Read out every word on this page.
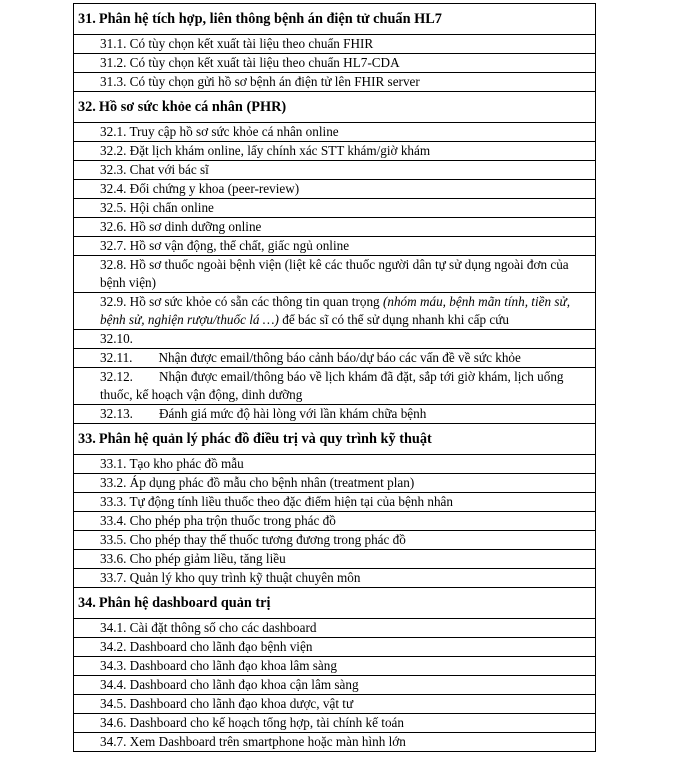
31. Phân hệ tích hợp, liên thông bệnh án điện tử chuẩn HL7
31.1. Có tùy chọn kết xuất tài liệu theo chuẩn FHIR
31.2. Có tùy chọn kết xuất tài liệu theo chuẩn HL7-CDA
31.3. Có tùy chọn gửi hồ sơ bệnh án điện tử lên FHIR server
32. Hồ sơ sức khỏe cá nhân (PHR)
32.1. Truy cập hồ sơ sức khỏe cá nhân online
32.2. Đặt lịch khám online, lấy chính xác STT khám/giờ khám
32.3. Chat với bác sĩ
32.4. Đối chứng y khoa (peer-review)
32.5. Hội chẩn online
32.6. Hồ sơ dinh dưỡng online
32.7. Hồ sơ vận động, thể chất, giấc ngủ online
32.8. Hồ sơ thuốc ngoài bệnh viện (liệt kê các thuốc người dân tự sử dụng ngoài đơn của bệnh viện)
32.9. Hồ sơ sức khỏe có sẵn các thông tin quan trọng (nhóm máu, bệnh mãn tính, tiền sử, bệnh sử, nghiện rượu/thuốc lá …) để bác sĩ có thể sử dụng nhanh khi cấp cứu
32.10.
32.11. Nhận được email/thông báo cảnh báo/dự báo các vấn đề về sức khỏe
32.12. Nhận được email/thông báo về lịch khám đã đặt, sắp tới giờ khám, lịch uống thuốc, kế hoạch vận động, dinh dưỡng
32.13. Đánh giá mức độ hài lòng với lần khám chữa bệnh
33. Phân hệ quản lý phác đồ điều trị và quy trình kỹ thuật
33.1. Tạo kho phác đồ mẫu
33.2. Áp dụng phác đồ mẫu cho bệnh nhân (treatment plan)
33.3. Tự động tính liều thuốc theo đặc điểm hiện tại của bệnh nhân
33.4. Cho phép pha trộn thuốc trong phác đồ
33.5. Cho phép thay thế thuốc tương đương trong phác đồ
33.6. Cho phép giảm liều, tăng liều
33.7. Quản lý kho quy trình kỹ thuật chuyên môn
34. Phân hệ dashboard quản trị
34.1. Cài đặt thông số cho các dashboard
34.2. Dashboard cho lãnh đạo bệnh viện
34.3. Dashboard cho lãnh đạo khoa lâm sàng
34.4. Dashboard cho lãnh đạo khoa cận lâm sàng
34.5. Dashboard cho lãnh đạo khoa dược, vật tư
34.6. Dashboard cho kế hoạch tổng hợp, tài chính kế toán
34.7. Xem Dashboard trên smartphone hoặc màn hình lớn
